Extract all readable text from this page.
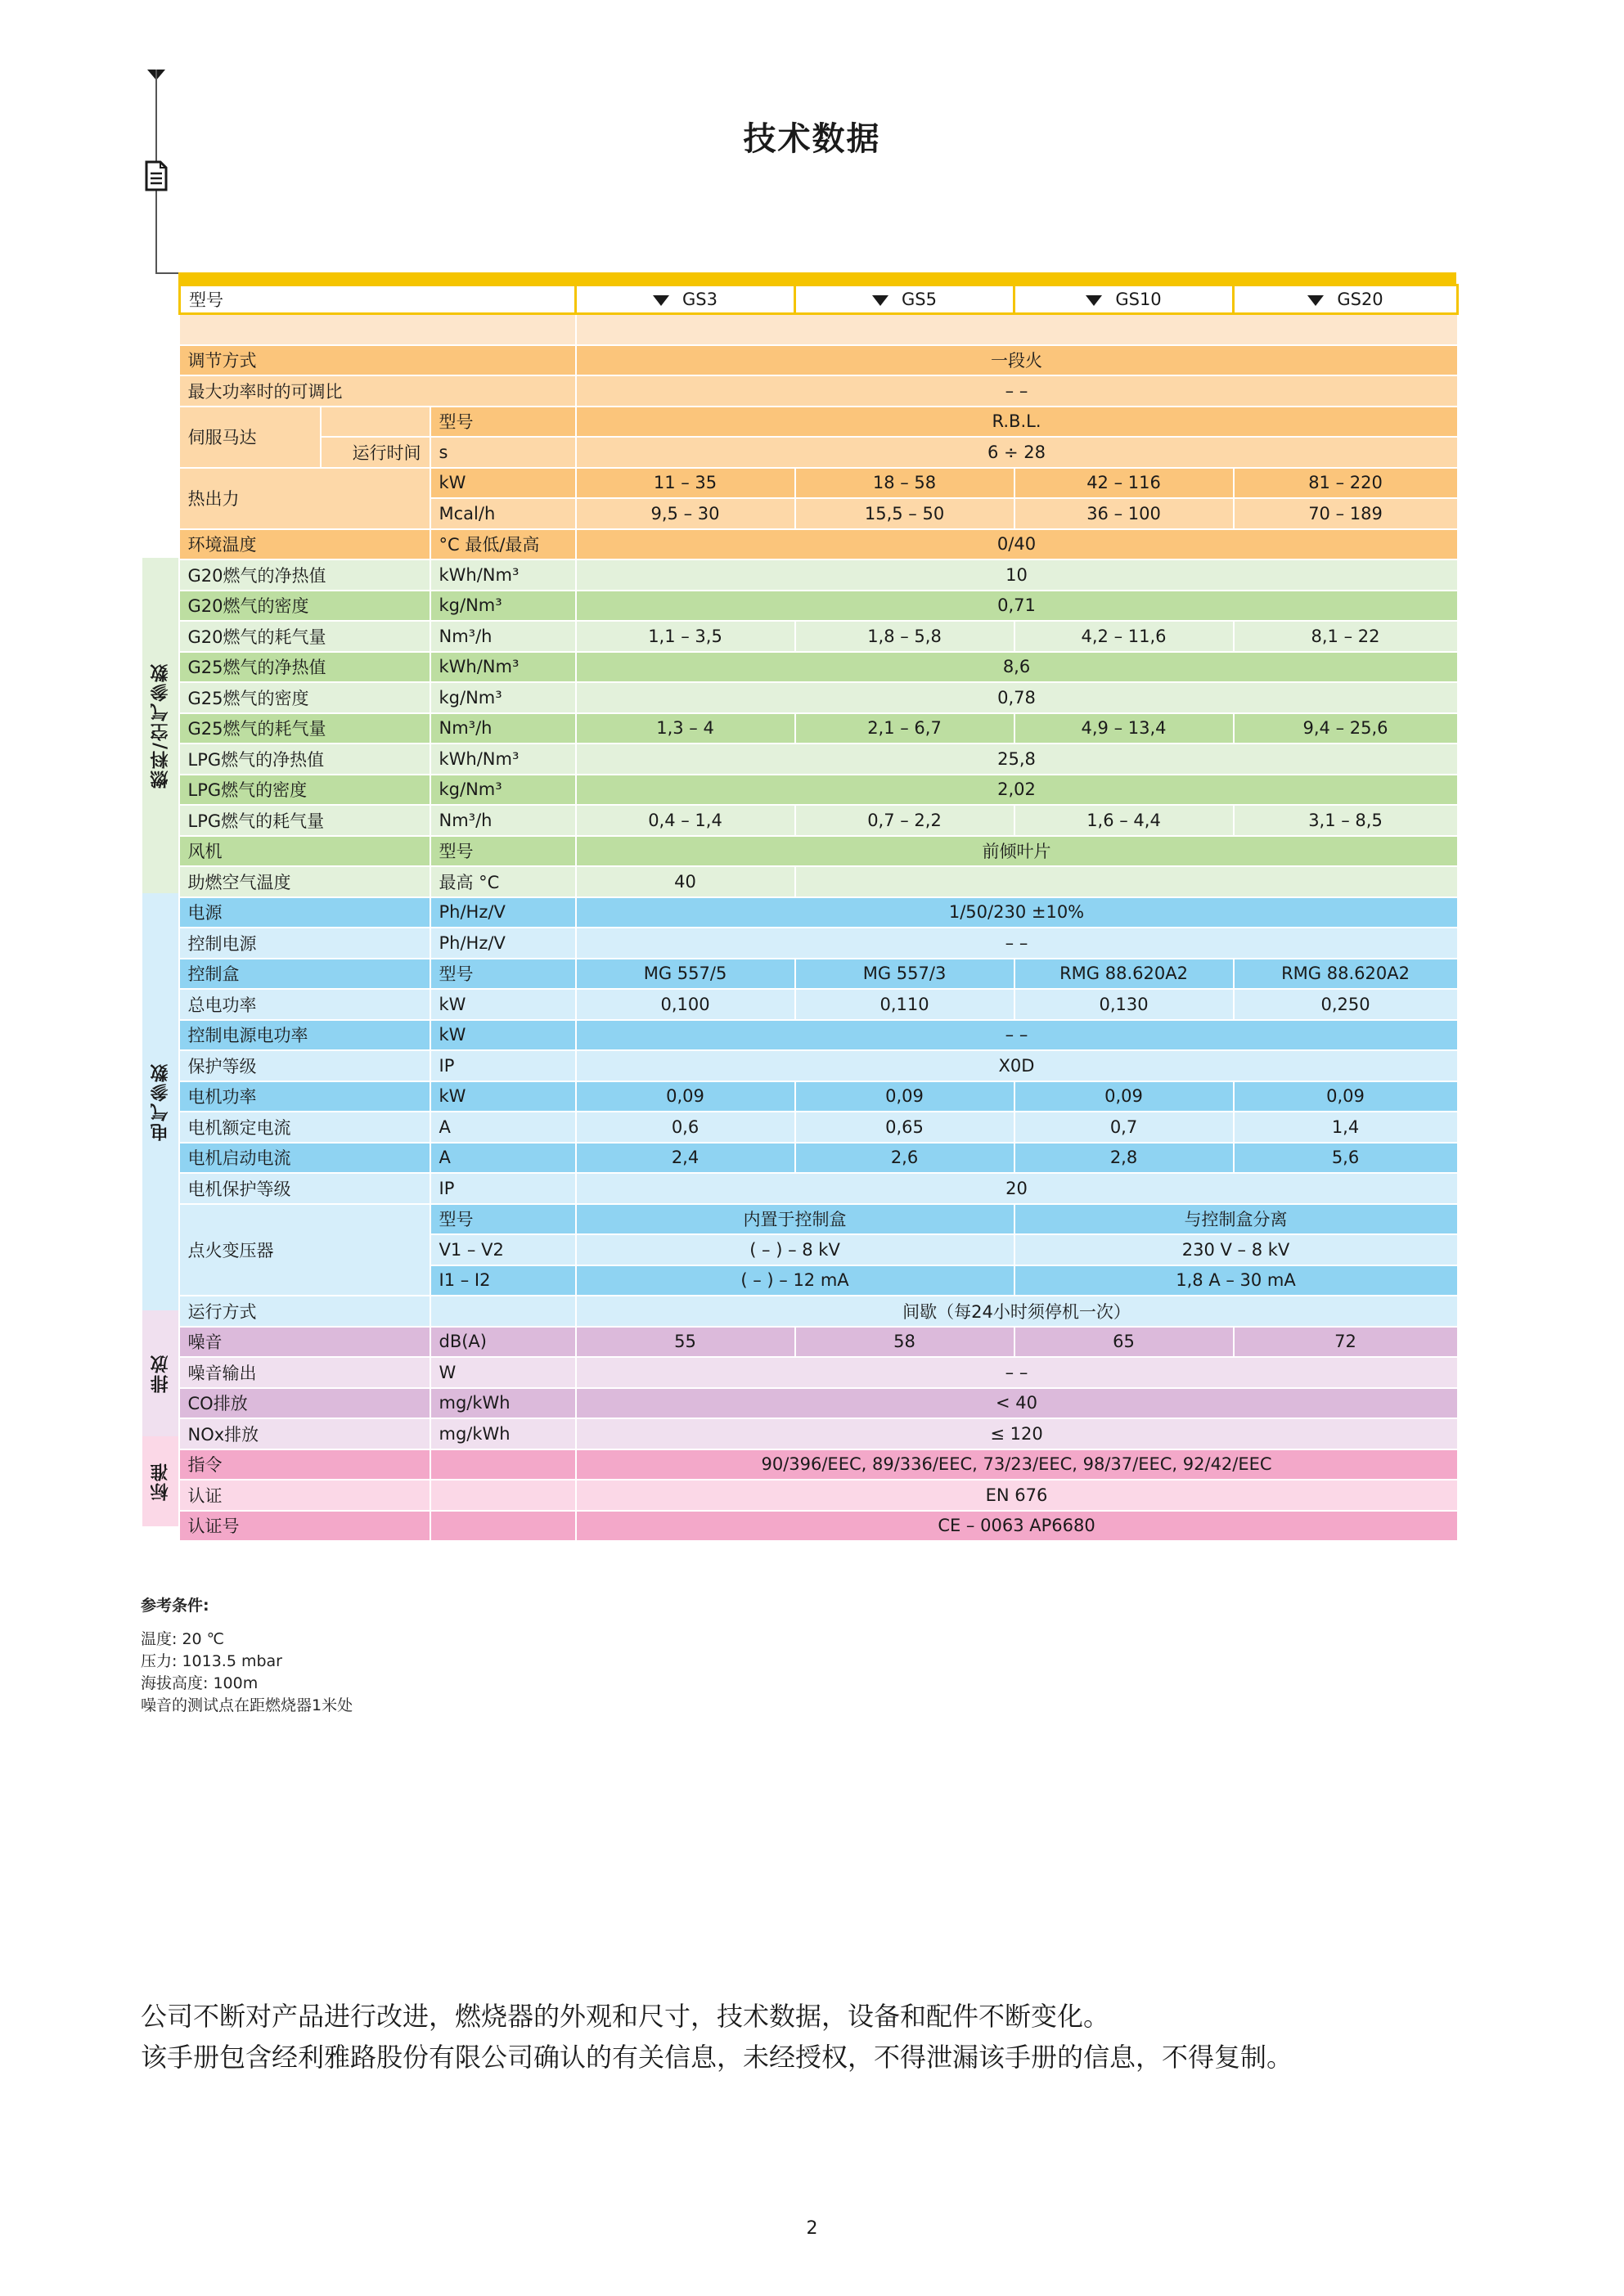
技术数据
燃料/空气参数
电气参数
排放
标准
型号			GS3	GS5	GS10	GS20

调节方式			一段火			
最大功率时的可调比			– –			
伺服马达		型号	R.B.L.			
	运行时间	s	6 ÷ 28			
热出力		kW	11 – 35	18 – 58	42 – 116	81 – 220
		Mcal/h	9,5 – 30	15,5 – 50	36 – 100	70 – 189
环境温度		°C 最低/最高	0/40			
G20燃气的净热值		kWh/Nm³	10			
G20燃气的密度		kg/Nm³	0,71			
G20燃气的耗气量		Nm³/h	1,1 – 3,5	1,8 – 5,8	4,2 – 11,6	8,1 – 22
G25燃气的净热值		kWh/Nm³	8,6			
G25燃气的密度		kg/Nm³	0,78			
G25燃气的耗气量		Nm³/h	1,3 – 4	2,1 – 6,7	4,9 – 13,4	9,4 – 25,6
LPG燃气的净热值		kWh/Nm³	25,8			
LPG燃气的密度		kg/Nm³	2,02			
LPG燃气的耗气量		Nm³/h	0,4 – 1,4	0,7 – 2,2	1,6 – 4,4	3,1 – 8,5
风机		型号	前倾叶片			
助燃空气温度		最高 °C	40			
电源		Ph/Hz/V	1/50/230 ±10%			
控制电源		Ph/Hz/V	– –			
控制盒		型号	MG 557/5	MG 557/3	RMG 88.620A2	RMG 88.620A2
总电功率		kW	0,100	0,110	0,130	0,250
控制电源电功率		kW	– –			
保护等级		IP	X0D			
电机功率		kW	0,09	0,09	0,09	0,09
电机额定电流		A	0,6	0,65	0,7	1,4
电机启动电流		A	2,4	2,6	2,8	5,6
电机保护等级		IP	20			
点火变压器		型号	内置于控制盒		与控制盒分离	
		V1 – V2	( – ) – 8 kV		230 V – 8 kV	
		I1 – I2	( – ) – 12 mA		1,8 A – 30 mA	
运行方式			间歇（每24小时须停机一次）			
噪音		dB(A)	55	58	65	72
噪音输出		W	– –			
CO排放		mg/kWh	< 40			
NOx排放		mg/kWh	≤ 120			
指令			90/396/EEC, 89/336/EEC, 73/23/EEC, 98/37/EEC, 92/42/EEC			
认证			EN 676			
认证号			CE – 0063 AP6680			
参考条件:
温度: 20 ℃
压力: 1013.5 mbar
海拔高度: 100m
噪音的测试点在距燃烧器1米处
公司不断对产品进行改进，燃烧器的外观和尺寸，技术数据，设备和配件不断变化。
该手册包含经利雅路股份有限公司确认的有关信息，未经授权，不得泄漏该手册的信息，不得复制。
2
